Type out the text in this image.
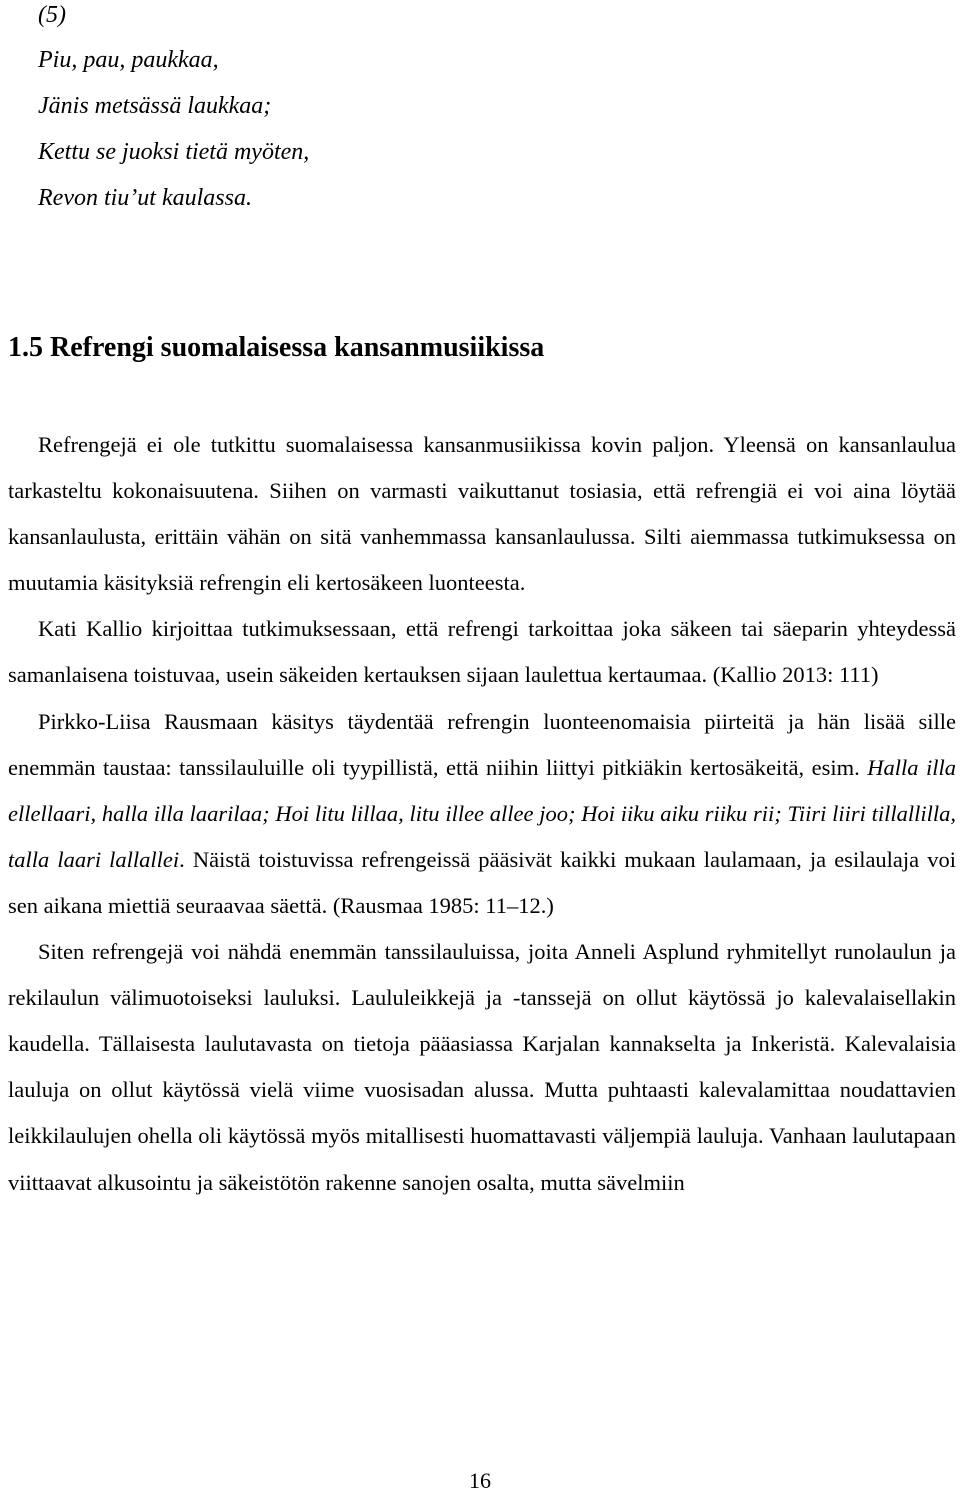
(5)
Piu, pau, paukkaa,
Jänis metsässä laukkaa;
Kettu se juoksi tietä myöten,
Revon tiu’ut kaulassa.
1.5 Refrengi suomalaisessa kansanmusiikissa

Refrengejä ei ole tutkittu suomalaisessa kansanmusiikissa kovin paljon. Yleensä on kansanlaulua tarkasteltu kokonaisuutena. Siihen on varmasti vaikuttanut tosiasia, että refrengiä ei voi aina löytää kansanlaulusta, erittäin vähän on sitä vanhemmassa kansanlaulussa. Silti aiemmassa tutkimuksessa on muutamia käsityksiä refrengin eli kertosäkeen luonteesta.

Kati Kallio kirjoittaa tutkimuksessaan, että refrengi tarkoittaa joka säkeen tai säeparin yhteydessä samanlaisena toistuvaa, usein säkeiden kertauksen sijaan laulettua kertaumaa. (Kallio 2013: 111)

Pirkko-Liisa Rausmaan käsitys täydentää refrengin luonteenomaisia piirteitä ja hän lisää sille enemmän taustaa: tanssilauluille oli tyypillistä, että niihin liittyi pitkiäkin kertosäkeitä, esim. Halla illa ellellaari, halla illa laarilaa; Hoi litu lillaa, litu illee allee joo; Hoi iiku aiku riiku rii; Tiiri liiri tillallilla, talla laari lallallei. Näistä toistuvissa refrengeissä pääsivät kaikki mukaan laulamaan, ja esilaulaja voi sen aikana miettiä seuraavaa säettä. (Rausmaa 1985: 11–12.)

Siten refrengejä voi nähdä enemmän tanssilauluissa, joita Anneli Asplund ryhmitellyt runolaulun ja rekilaulun välimuotoiseksi lauluksi. Laululeikkejä ja -tanssejä on ollut käytössä jo kalevalaisellakin kaudella. Tällaisesta laulutavasta on tietoja pääasiassa Karjalan kannakselta ja Inkeristä. Kalevalaisia lauluja on ollut käytössä vielä viime vuosisadan alussa. Mutta puhtaasti kalevalamittaa noudattavien leikkilaulujen ohella oli käytössä myös mitallisesti huomattavasti väljempiä lauluja. Vanhaan laulutapaan viittaavat alkusointu ja säkeistötön rakenne sanojen osalta, mutta sävelmiin

16
